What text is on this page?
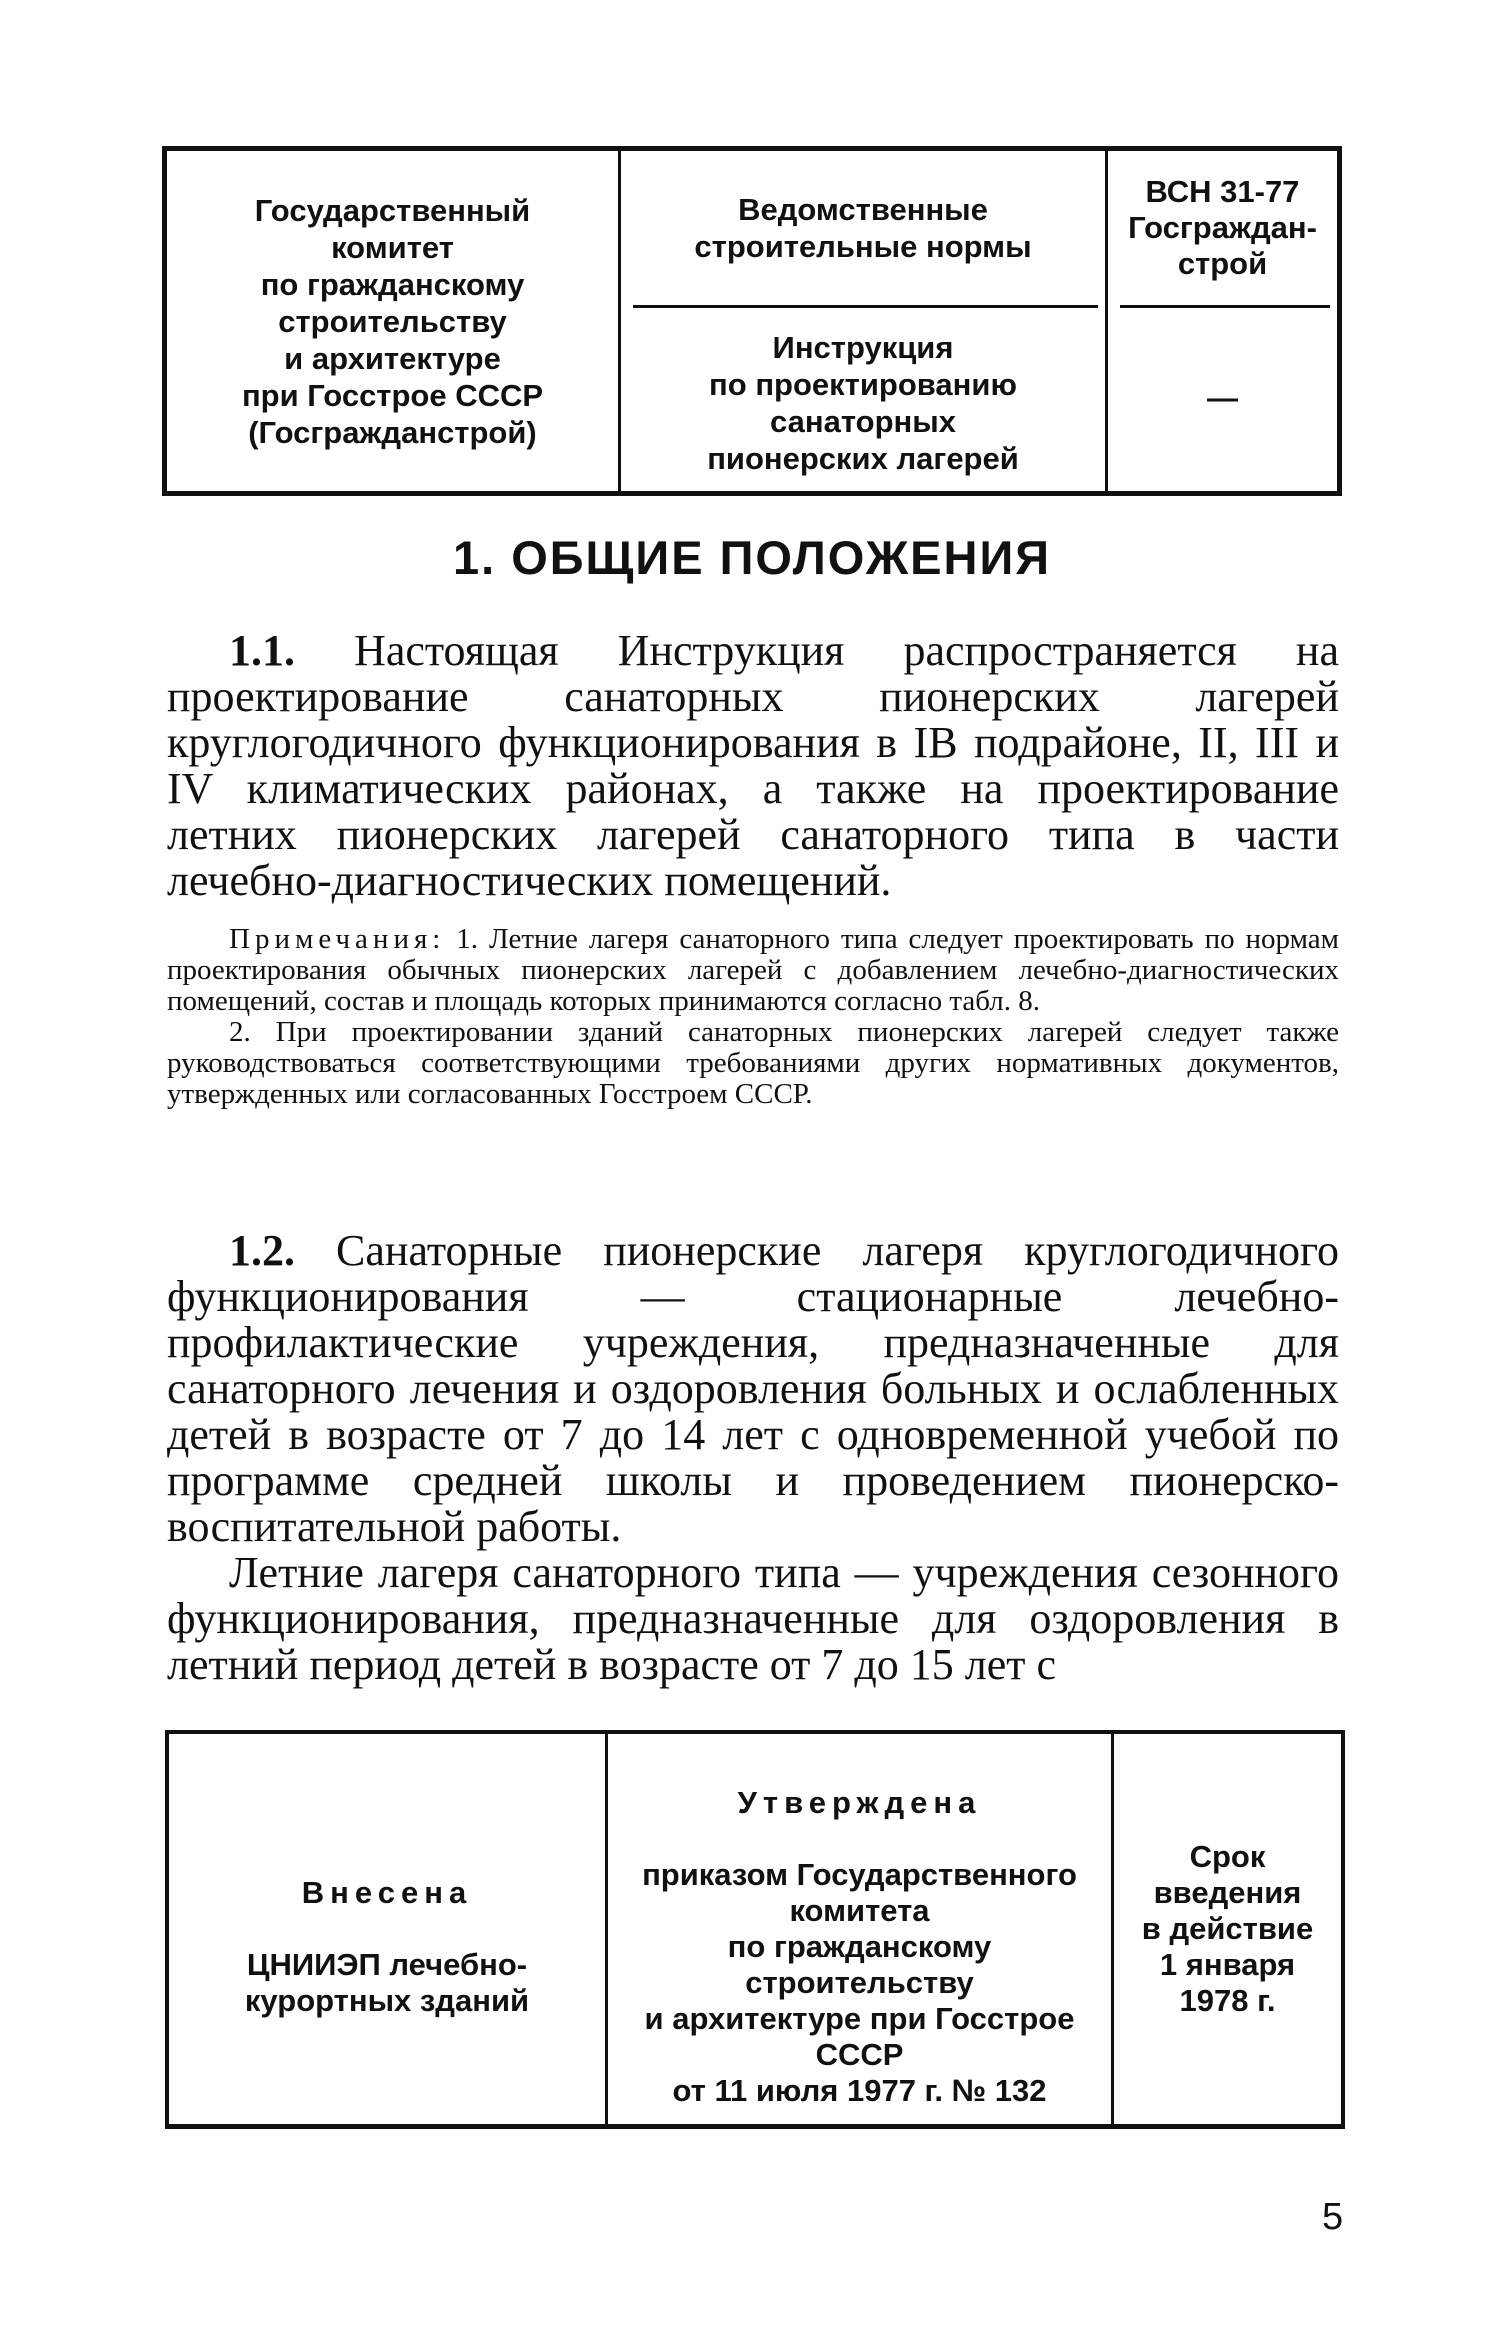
Государственный
комитет
по гражданскому
строительству
и архитектуре
при Госстрое СССР
(Госгражданстрой)
Ведомственные
строительные нормы
Инструкция
по проектированию
санаторных
пионерских лагерей
ВСН 31-77
Госграждан-
строй
—
1. ОБЩИЕ ПОЛОЖЕНИЯ

1.1. Настоящая Инструкция распространяется на проектирование санаторных пионерских лагерей круглогодичного функционирования в IB подрайоне, II, III и IV климатических районах, а также на проектирование летних пионерских лагерей санаторного типа в части лечебно-диагностических помещений.

Примечания: 1. Летние лагеря санаторного типа следует проектировать по нормам проектирования обычных пионерских лагерей с добавлением лечебно-диагностических помещений, состав и площадь которых принимаются согласно табл. 8.

2. При проектировании зданий санаторных пионерских лагерей следует также руководствоваться соответствующими требованиями других нормативных документов, утвержденных или согласованных Госстроем СССР.

1.2. Санаторные пионерские лагеря круглогодичного функционирования — стационарные лечебно-профилактические учреждения, предназначенные для санаторного лечения и оздоровления больных и ослабленных детей в возрасте от 7 до 14 лет с одновременной учебой по программе средней школы и проведением пионерско-воспитательной работы.

Летние лагеря санаторного типа — учреждения сезонного функционирования, предназначенные для оздоровления в летний период детей в возрасте от 7 до 15 лет с

Внесена

ЦНИИЭП лечебно-
курортных зданий

Утверждена

приказом Государственного
комитета
по гражданскому
строительству
и архитектуре при Госстрое
СССР
от 11 июля 1977 г. № 132

Срок
введения
в действие
1 января
1978 г.
5
